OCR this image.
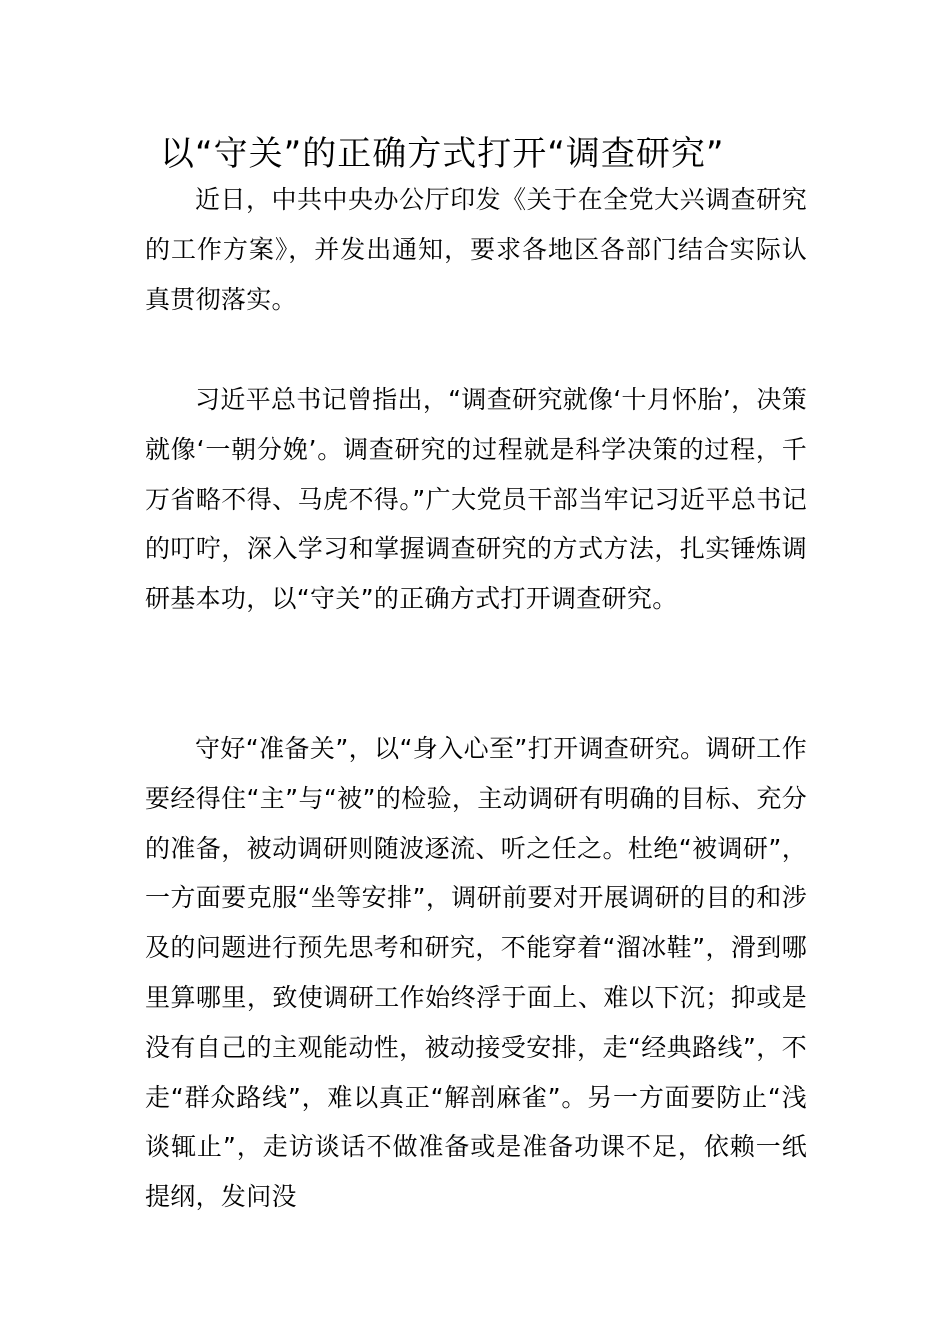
以“守关”的正确方式打开“调查研究”

近日，中共中央办公厅印发《关于在全党大兴调查研究的工作方案》，并发出通知，要求各地区各部门结合实际认真贯彻落实。

习近平总书记曾指出，“调查研究就像‘十月怀胎’，决策就像‘一朝分娩’。调查研究的过程就是科学决策的过程，千万省略不得、马虎不得。”广大党员干部当牢记习近平总书记的叮咛，深入学习和掌握调查研究的方式方法，扎实锤炼调研基本功，以“守关”的正确方式打开调查研究。

守好“准备关”，以“身入心至”打开调查研究。调研工作要经得住“主”与“被”的检验，主动调研有明确的目标、充分的准备，被动调研则随波逐流、听之任之。杜绝“被调研”，一方面要克服“坐等安排”，调研前要对开展调研的目的和涉及的问题进行预先思考和研究，不能穿着“溜冰鞋”，滑到哪里算哪里，致使调研工作始终浮于面上、难以下沉；抑或是没有自己的主观能动性，被动接受安排，走“经典路线”，不走“群众路线”，难以真正“解剖麻雀”。另一方面要防止“浅谈辄止”，走访谈话不做准备或是准备功课不足，依赖一纸提纲，发问没
